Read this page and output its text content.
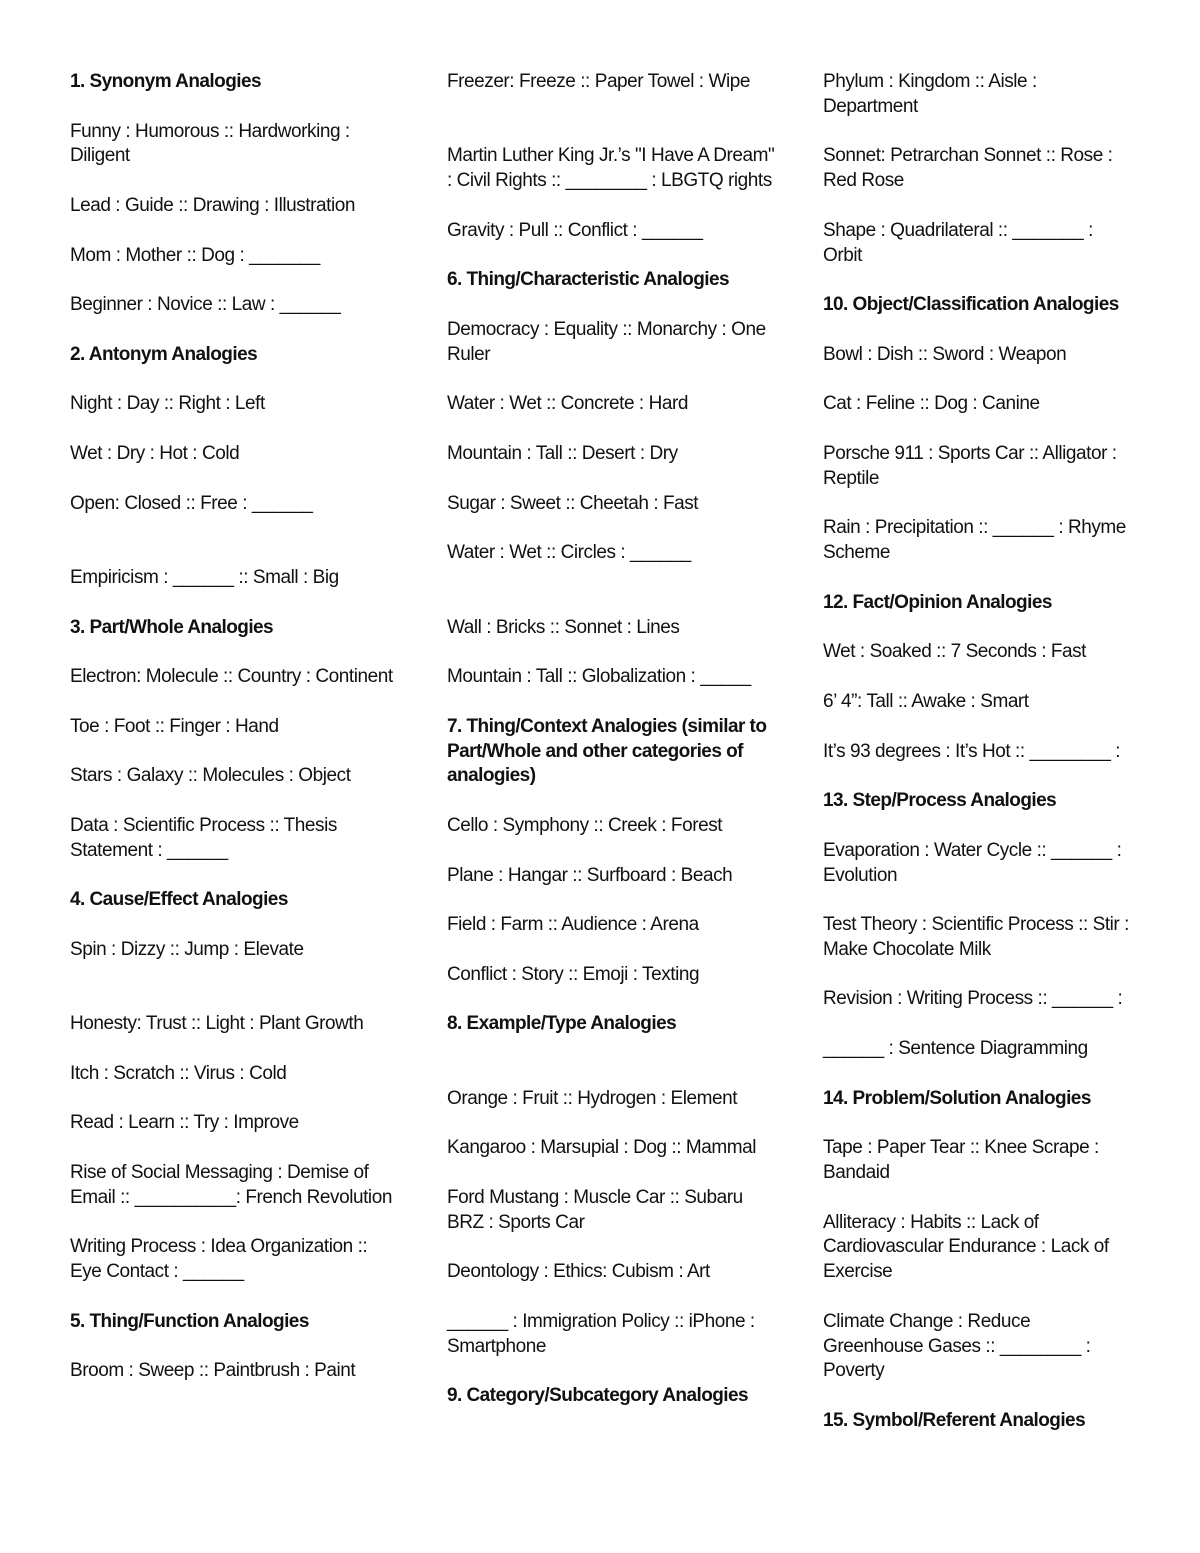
1. Synonym Analogies

Funny : Humorous :: Hardworking : Diligent

Lead : Guide :: Drawing : Illustration

Mom : Mother :: Dog : _______

Beginner : Novice :: Law : ______

2. Antonym Analogies

Night : Day :: Right : Left

Wet : Dry : Hot : Cold

Open: Closed :: Free : ______

Empiricism : ______ :: Small : Big

3. Part/Whole Analogies

Electron: Molecule :: Country : Continent

Toe : Foot :: Finger : Hand

Stars : Galaxy :: Molecules : Object

Data : Scientific Process :: Thesis Statement : ______

4. Cause/Effect Analogies

Spin : Dizzy :: Jump : Elevate

Honesty: Trust :: Light : Plant Growth

Itch : Scratch :: Virus : Cold

Read : Learn :: Try : Improve

Rise of Social Messaging : Demise of Email :: __________: French Revolution

Writing Process : Idea Organization :: Eye Contact : ______

5. Thing/Function Analogies

Broom : Sweep :: Paintbrush : Paint

Freezer: Freeze :: Paper Towel : Wipe

Martin Luther King Jr.’s "I Have A Dream" : Civil Rights :: ________ : LBGTQ rights

Gravity : Pull :: Conflict : ______

6. Thing/Characteristic Analogies

Democracy : Equality :: Monarchy : One Ruler

Water : Wet :: Concrete : Hard

Mountain : Tall :: Desert : Dry

Sugar : Sweet :: Cheetah : Fast

Water : Wet :: Circles : ______

Wall : Bricks :: Sonnet : Lines

Mountain : Tall :: Globalization : _____

7. Thing/Context Analogies (similar to Part/Whole and other categories of analogies)

Cello : Symphony :: Creek : Forest

Plane : Hangar :: Surfboard : Beach

Field : Farm :: Audience : Arena

Conflict : Story :: Emoji : Texting

8. Example/Type Analogies

Orange : Fruit :: Hydrogen : Element

Kangaroo : Marsupial : Dog :: Mammal

Ford Mustang : Muscle Car :: Subaru BRZ : Sports Car

Deontology : Ethics: Cubism : Art

______ : Immigration Policy :: iPhone : Smartphone

9. Category/Subcategory Analogies

Phylum : Kingdom :: Aisle : Department

Sonnet: Petrarchan Sonnet :: Rose : Red Rose

Shape : Quadrilateral :: _______ : Orbit

10. Object/Classification Analogies

Bowl : Dish :: Sword : Weapon

Cat : Feline :: Dog : Canine

Porsche 911 : Sports Car :: Alligator : Reptile

Rain : Precipitation :: ______ : Rhyme Scheme

12. Fact/Opinion Analogies

Wet : Soaked :: 7 Seconds : Fast

6’ 4”: Tall :: Awake : Smart

It’s 93 degrees : It’s Hot :: ________ :

13. Step/Process Analogies

Evaporation : Water Cycle :: ______ : Evolution

Test Theory : Scientific Process :: Stir : Make Chocolate Milk

Revision : Writing Process :: ______ :

______ : Sentence Diagramming

14. Problem/Solution Analogies

Tape : Paper Tear :: Knee Scrape : Bandaid

Alliteracy : Habits :: Lack of Cardiovascular Endurance : Lack of Exercise

Climate Change : Reduce Greenhouse Gases :: ________ : Poverty

15. Symbol/Referent Analogies
